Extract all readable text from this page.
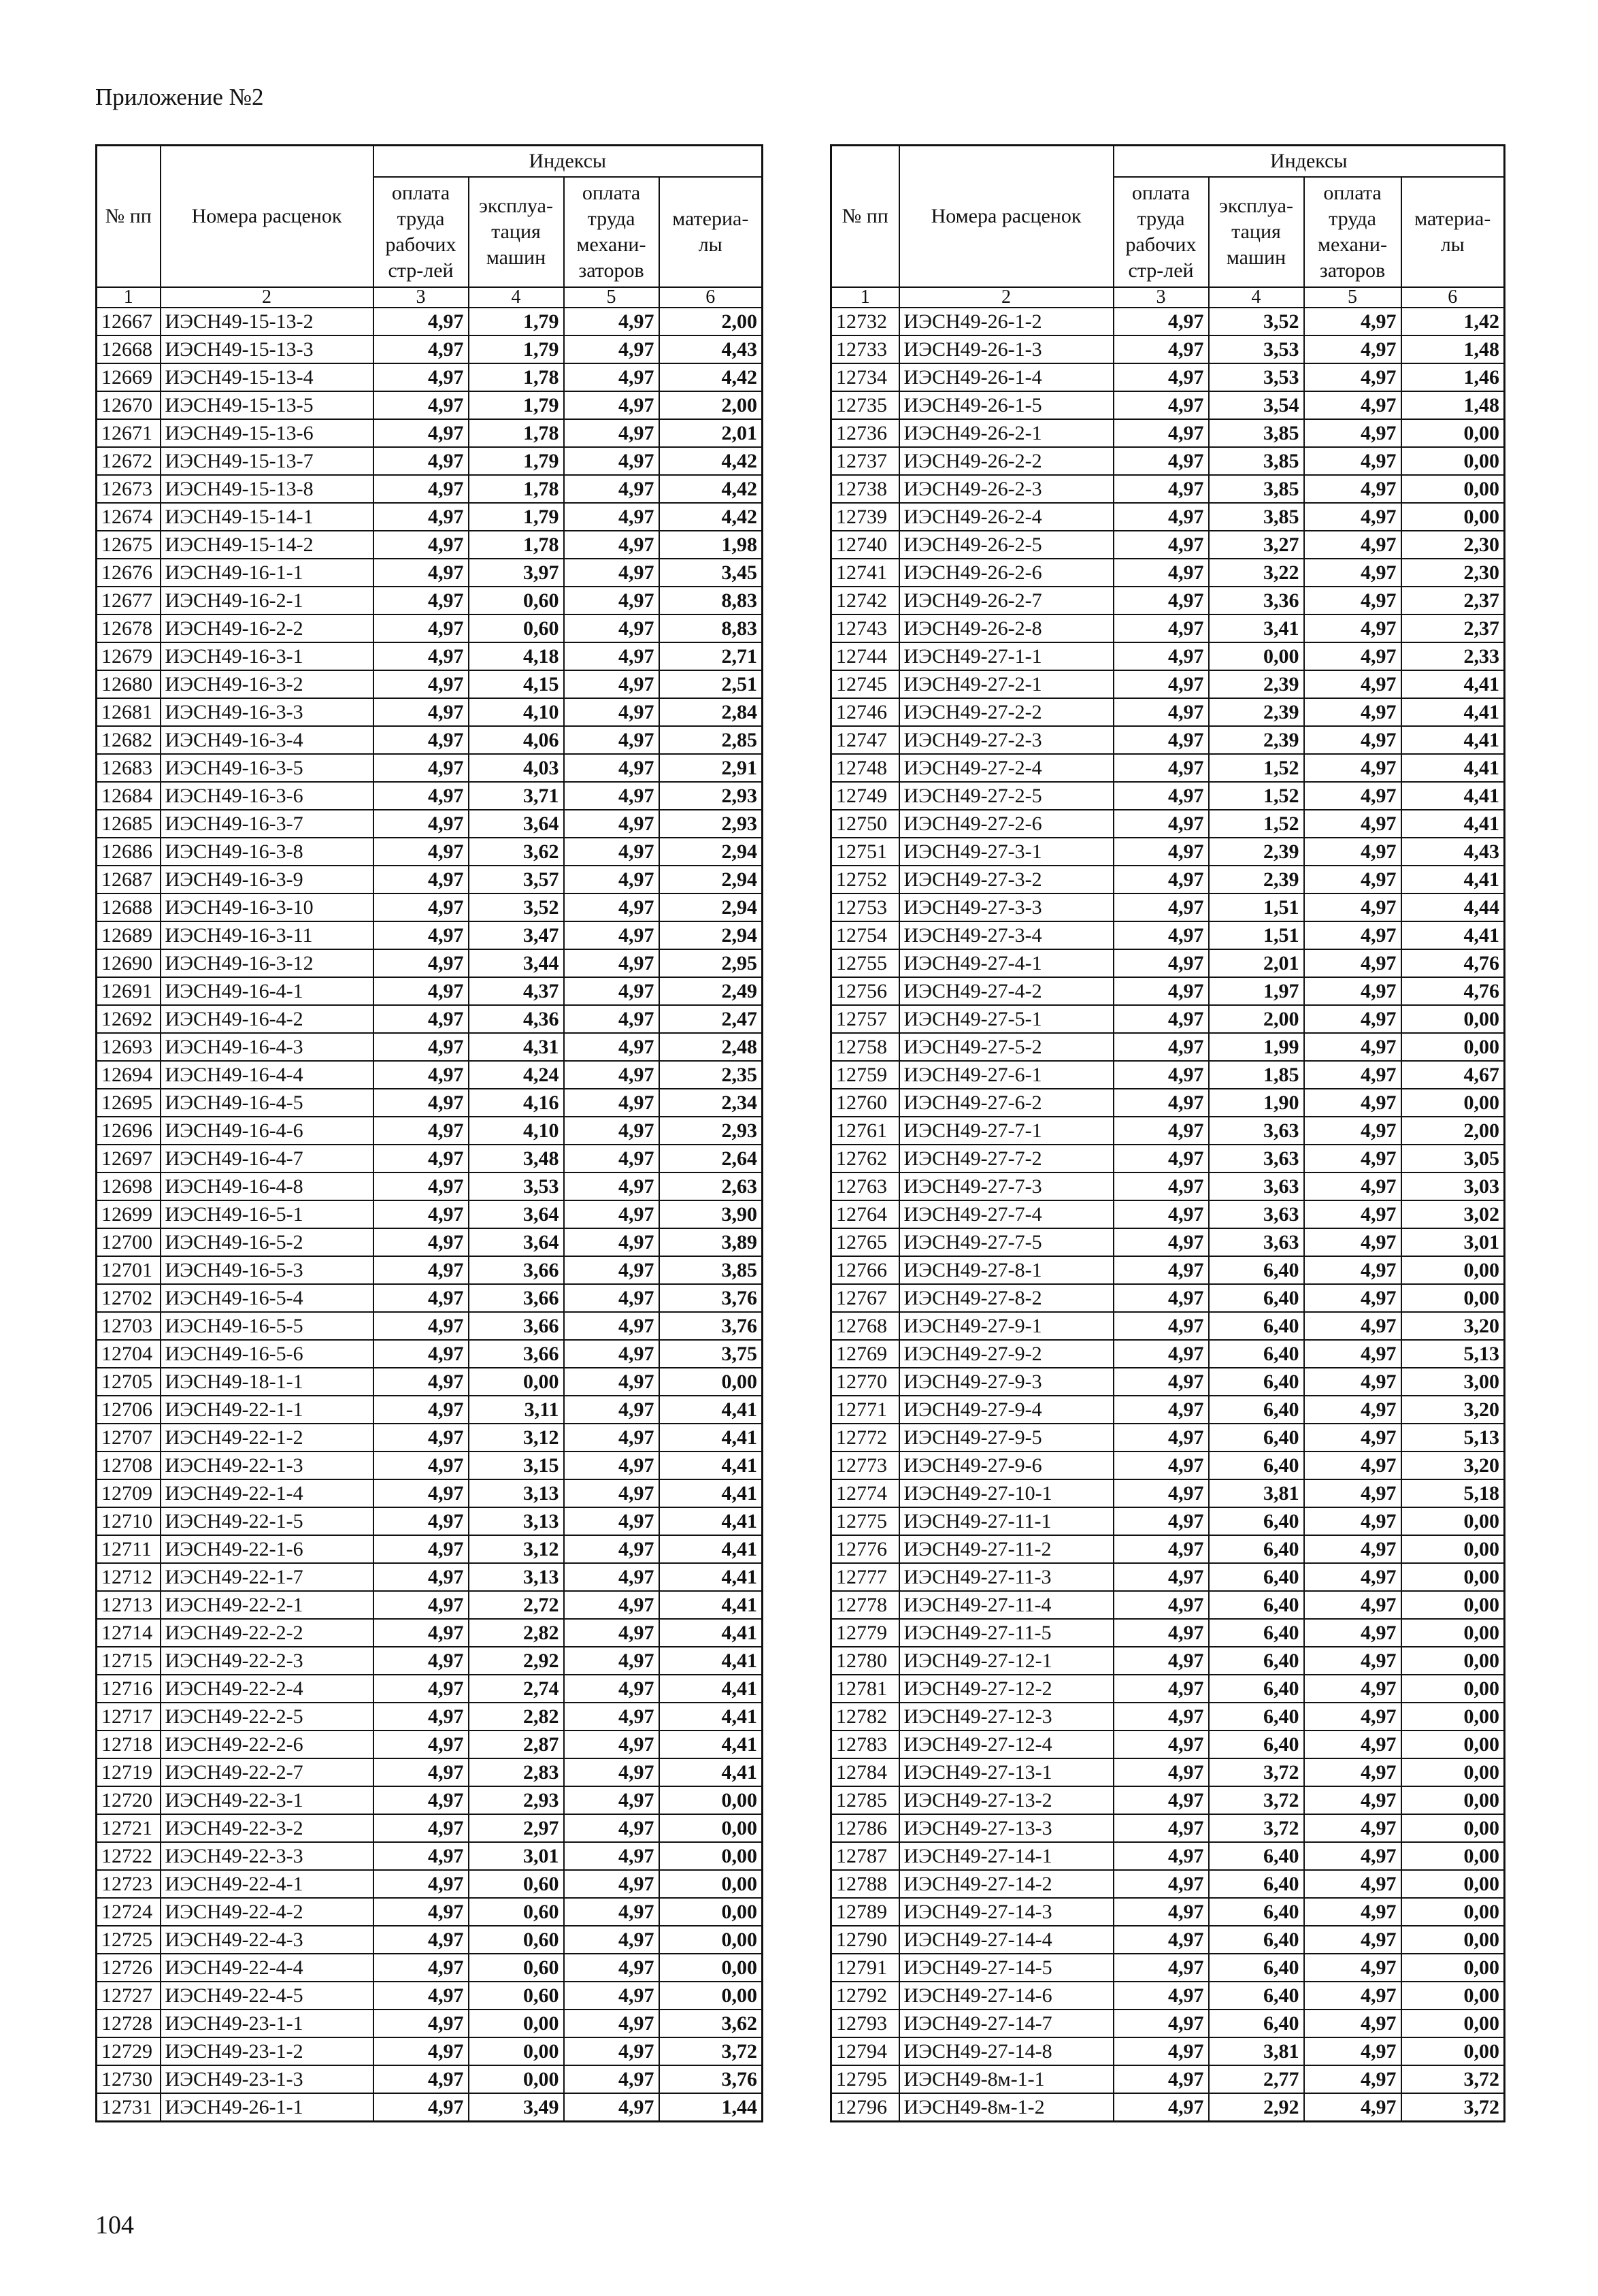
Приложение №2
№ пп	Номера расценок	Индексы			
		оплата труда рабочих стр-лей	эксплуа-тация машин	оплата труда механи-заторов	материа-лы
1	2	3	4	5	6
12667	ИЭСН49-15-13-2	4,97	1,79	4,97	2,00
12668	ИЭСН49-15-13-3	4,97	1,79	4,97	4,43
12669	ИЭСН49-15-13-4	4,97	1,78	4,97	4,42
12670	ИЭСН49-15-13-5	4,97	1,79	4,97	2,00
12671	ИЭСН49-15-13-6	4,97	1,78	4,97	2,01
12672	ИЭСН49-15-13-7	4,97	1,79	4,97	4,42
12673	ИЭСН49-15-13-8	4,97	1,78	4,97	4,42
12674	ИЭСН49-15-14-1	4,97	1,79	4,97	4,42
12675	ИЭСН49-15-14-2	4,97	1,78	4,97	1,98
12676	ИЭСН49-16-1-1	4,97	3,97	4,97	3,45
12677	ИЭСН49-16-2-1	4,97	0,60	4,97	8,83
12678	ИЭСН49-16-2-2	4,97	0,60	4,97	8,83
12679	ИЭСН49-16-3-1	4,97	4,18	4,97	2,71
12680	ИЭСН49-16-3-2	4,97	4,15	4,97	2,51
12681	ИЭСН49-16-3-3	4,97	4,10	4,97	2,84
12682	ИЭСН49-16-3-4	4,97	4,06	4,97	2,85
12683	ИЭСН49-16-3-5	4,97	4,03	4,97	2,91
12684	ИЭСН49-16-3-6	4,97	3,71	4,97	2,93
12685	ИЭСН49-16-3-7	4,97	3,64	4,97	2,93
12686	ИЭСН49-16-3-8	4,97	3,62	4,97	2,94
12687	ИЭСН49-16-3-9	4,97	3,57	4,97	2,94
12688	ИЭСН49-16-3-10	4,97	3,52	4,97	2,94
12689	ИЭСН49-16-3-11	4,97	3,47	4,97	2,94
12690	ИЭСН49-16-3-12	4,97	3,44	4,97	2,95
12691	ИЭСН49-16-4-1	4,97	4,37	4,97	2,49
12692	ИЭСН49-16-4-2	4,97	4,36	4,97	2,47
12693	ИЭСН49-16-4-3	4,97	4,31	4,97	2,48
12694	ИЭСН49-16-4-4	4,97	4,24	4,97	2,35
12695	ИЭСН49-16-4-5	4,97	4,16	4,97	2,34
12696	ИЭСН49-16-4-6	4,97	4,10	4,97	2,93
12697	ИЭСН49-16-4-7	4,97	3,48	4,97	2,64
12698	ИЭСН49-16-4-8	4,97	3,53	4,97	2,63
12699	ИЭСН49-16-5-1	4,97	3,64	4,97	3,90
12700	ИЭСН49-16-5-2	4,97	3,64	4,97	3,89
12701	ИЭСН49-16-5-3	4,97	3,66	4,97	3,85
12702	ИЭСН49-16-5-4	4,97	3,66	4,97	3,76
12703	ИЭСН49-16-5-5	4,97	3,66	4,97	3,76
12704	ИЭСН49-16-5-6	4,97	3,66	4,97	3,75
12705	ИЭСН49-18-1-1	4,97	0,00	4,97	0,00
12706	ИЭСН49-22-1-1	4,97	3,11	4,97	4,41
12707	ИЭСН49-22-1-2	4,97	3,12	4,97	4,41
12708	ИЭСН49-22-1-3	4,97	3,15	4,97	4,41
12709	ИЭСН49-22-1-4	4,97	3,13	4,97	4,41
12710	ИЭСН49-22-1-5	4,97	3,13	4,97	4,41
12711	ИЭСН49-22-1-6	4,97	3,12	4,97	4,41
12712	ИЭСН49-22-1-7	4,97	3,13	4,97	4,41
12713	ИЭСН49-22-2-1	4,97	2,72	4,97	4,41
12714	ИЭСН49-22-2-2	4,97	2,82	4,97	4,41
12715	ИЭСН49-22-2-3	4,97	2,92	4,97	4,41
12716	ИЭСН49-22-2-4	4,97	2,74	4,97	4,41
12717	ИЭСН49-22-2-5	4,97	2,82	4,97	4,41
12718	ИЭСН49-22-2-6	4,97	2,87	4,97	4,41
12719	ИЭСН49-22-2-7	4,97	2,83	4,97	4,41
12720	ИЭСН49-22-3-1	4,97	2,93	4,97	0,00
12721	ИЭСН49-22-3-2	4,97	2,97	4,97	0,00
12722	ИЭСН49-22-3-3	4,97	3,01	4,97	0,00
12723	ИЭСН49-22-4-1	4,97	0,60	4,97	0,00
12724	ИЭСН49-22-4-2	4,97	0,60	4,97	0,00
12725	ИЭСН49-22-4-3	4,97	0,60	4,97	0,00
12726	ИЭСН49-22-4-4	4,97	0,60	4,97	0,00
12727	ИЭСН49-22-4-5	4,97	0,60	4,97	0,00
12728	ИЭСН49-23-1-1	4,97	0,00	4,97	3,62
12729	ИЭСН49-23-1-2	4,97	0,00	4,97	3,72
12730	ИЭСН49-23-1-3	4,97	0,00	4,97	3,76
12731	ИЭСН49-26-1-1	4,97	3,49	4,97	1,44
№ пп	Номера расценок	Индексы			
		оплата труда рабочих стр-лей	эксплуа-тация машин	оплата труда механи-заторов	материа-лы
1	2	3	4	5	6
12732	ИЭСН49-26-1-2	4,97	3,52	4,97	1,42
12733	ИЭСН49-26-1-3	4,97	3,53	4,97	1,48
12734	ИЭСН49-26-1-4	4,97	3,53	4,97	1,46
12735	ИЭСН49-26-1-5	4,97	3,54	4,97	1,48
12736	ИЭСН49-26-2-1	4,97	3,85	4,97	0,00
12737	ИЭСН49-26-2-2	4,97	3,85	4,97	0,00
12738	ИЭСН49-26-2-3	4,97	3,85	4,97	0,00
12739	ИЭСН49-26-2-4	4,97	3,85	4,97	0,00
12740	ИЭСН49-26-2-5	4,97	3,27	4,97	2,30
12741	ИЭСН49-26-2-6	4,97	3,22	4,97	2,30
12742	ИЭСН49-26-2-7	4,97	3,36	4,97	2,37
12743	ИЭСН49-26-2-8	4,97	3,41	4,97	2,37
12744	ИЭСН49-27-1-1	4,97	0,00	4,97	2,33
12745	ИЭСН49-27-2-1	4,97	2,39	4,97	4,41
12746	ИЭСН49-27-2-2	4,97	2,39	4,97	4,41
12747	ИЭСН49-27-2-3	4,97	2,39	4,97	4,41
12748	ИЭСН49-27-2-4	4,97	1,52	4,97	4,41
12749	ИЭСН49-27-2-5	4,97	1,52	4,97	4,41
12750	ИЭСН49-27-2-6	4,97	1,52	4,97	4,41
12751	ИЭСН49-27-3-1	4,97	2,39	4,97	4,43
12752	ИЭСН49-27-3-2	4,97	2,39	4,97	4,41
12753	ИЭСН49-27-3-3	4,97	1,51	4,97	4,44
12754	ИЭСН49-27-3-4	4,97	1,51	4,97	4,41
12755	ИЭСН49-27-4-1	4,97	2,01	4,97	4,76
12756	ИЭСН49-27-4-2	4,97	1,97	4,97	4,76
12757	ИЭСН49-27-5-1	4,97	2,00	4,97	0,00
12758	ИЭСН49-27-5-2	4,97	1,99	4,97	0,00
12759	ИЭСН49-27-6-1	4,97	1,85	4,97	4,67
12760	ИЭСН49-27-6-2	4,97	1,90	4,97	0,00
12761	ИЭСН49-27-7-1	4,97	3,63	4,97	2,00
12762	ИЭСН49-27-7-2	4,97	3,63	4,97	3,05
12763	ИЭСН49-27-7-3	4,97	3,63	4,97	3,03
12764	ИЭСН49-27-7-4	4,97	3,63	4,97	3,02
12765	ИЭСН49-27-7-5	4,97	3,63	4,97	3,01
12766	ИЭСН49-27-8-1	4,97	6,40	4,97	0,00
12767	ИЭСН49-27-8-2	4,97	6,40	4,97	0,00
12768	ИЭСН49-27-9-1	4,97	6,40	4,97	3,20
12769	ИЭСН49-27-9-2	4,97	6,40	4,97	5,13
12770	ИЭСН49-27-9-3	4,97	6,40	4,97	3,00
12771	ИЭСН49-27-9-4	4,97	6,40	4,97	3,20
12772	ИЭСН49-27-9-5	4,97	6,40	4,97	5,13
12773	ИЭСН49-27-9-6	4,97	6,40	4,97	3,20
12774	ИЭСН49-27-10-1	4,97	3,81	4,97	5,18
12775	ИЭСН49-27-11-1	4,97	6,40	4,97	0,00
12776	ИЭСН49-27-11-2	4,97	6,40	4,97	0,00
12777	ИЭСН49-27-11-3	4,97	6,40	4,97	0,00
12778	ИЭСН49-27-11-4	4,97	6,40	4,97	0,00
12779	ИЭСН49-27-11-5	4,97	6,40	4,97	0,00
12780	ИЭСН49-27-12-1	4,97	6,40	4,97	0,00
12781	ИЭСН49-27-12-2	4,97	6,40	4,97	0,00
12782	ИЭСН49-27-12-3	4,97	6,40	4,97	0,00
12783	ИЭСН49-27-12-4	4,97	6,40	4,97	0,00
12784	ИЭСН49-27-13-1	4,97	3,72	4,97	0,00
12785	ИЭСН49-27-13-2	4,97	3,72	4,97	0,00
12786	ИЭСН49-27-13-3	4,97	3,72	4,97	0,00
12787	ИЭСН49-27-14-1	4,97	6,40	4,97	0,00
12788	ИЭСН49-27-14-2	4,97	6,40	4,97	0,00
12789	ИЭСН49-27-14-3	4,97	6,40	4,97	0,00
12790	ИЭСН49-27-14-4	4,97	6,40	4,97	0,00
12791	ИЭСН49-27-14-5	4,97	6,40	4,97	0,00
12792	ИЭСН49-27-14-6	4,97	6,40	4,97	0,00
12793	ИЭСН49-27-14-7	4,97	6,40	4,97	0,00
12794	ИЭСН49-27-14-8	4,97	3,81	4,97	0,00
12795	ИЭСН49-8м-1-1	4,97	2,77	4,97	3,72
12796	ИЭСН49-8м-1-2	4,97	2,92	4,97	3,72
104
